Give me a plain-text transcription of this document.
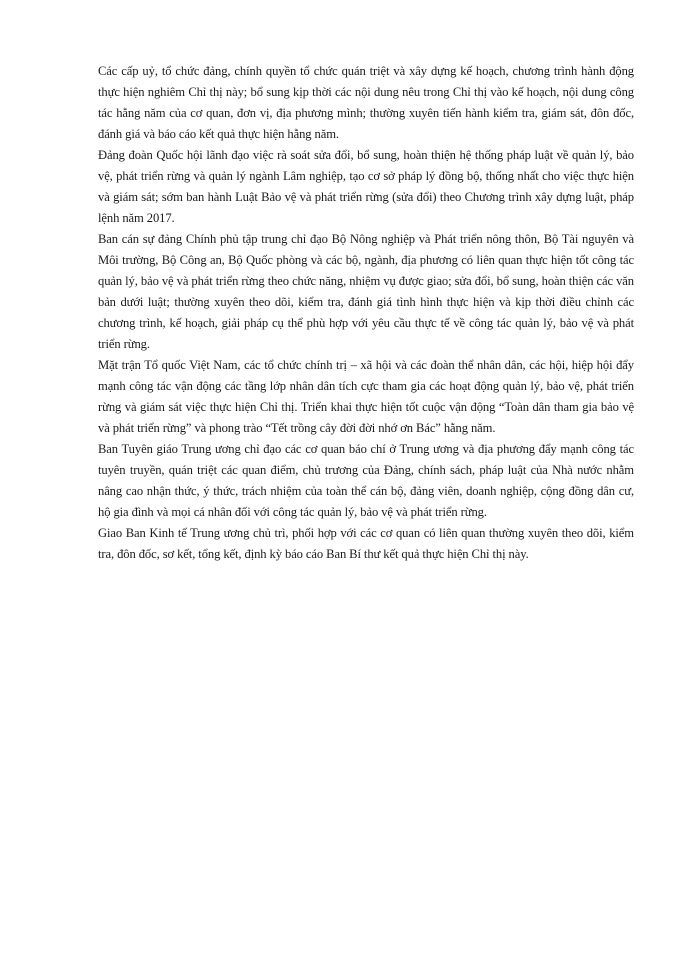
Các cấp uỷ, tổ chức đảng, chính quyền tổ chức quán triệt và xây dựng kế hoạch, chương trình hành động thực hiện nghiêm Chỉ thị này; bổ sung kịp thời các nội dung nêu trong Chỉ thị vào kế hoạch, nội dung công tác hằng năm của cơ quan, đơn vị, địa phương mình; thường xuyên tiến hành kiểm tra, giám sát, đôn đốc, đánh giá và báo cáo kết quả thực hiện hằng năm.

Đảng đoàn Quốc hội lãnh đạo việc rà soát sửa đổi, bổ sung, hoàn thiện hệ thống pháp luật về quản lý, bảo vệ, phát triển rừng và quản lý ngành Lâm nghiệp, tạo cơ sở pháp lý đồng bộ, thống nhất cho việc thực hiện và giám sát; sớm ban hành Luật Bảo vệ và phát triển rừng (sửa đổi) theo Chương trình xây dựng luật, pháp lệnh năm 2017.

Ban cán sự đảng Chính phủ tập trung chỉ đạo Bộ Nông nghiệp và Phát triển nông thôn, Bộ Tài nguyên và Môi trường, Bộ Công an, Bộ Quốc phòng và các bộ, ngành, địa phương có liên quan thực hiện tốt công tác quản lý, bảo vệ và phát triển rừng theo chức năng, nhiệm vụ được giao; sửa đổi, bổ sung, hoàn thiện các văn bản dưới luật; thường xuyên theo dõi, kiểm tra, đánh giá tình hình thực hiện và kịp thời điều chỉnh các chương trình, kế hoạch, giải pháp cụ thể phù hợp với yêu cầu thực tế về công tác quản lý, bảo vệ và phát triển rừng.

Mặt trận Tổ quốc Việt Nam, các tổ chức chính trị – xã hội và các đoàn thể nhân dân, các hội, hiệp hội đẩy mạnh công tác vận động các tầng lớp nhân dân tích cực tham gia các hoạt động quản lý, bảo vệ, phát triển rừng và giám sát việc thực hiện Chỉ thị. Triển khai thực hiện tốt cuộc vận động “Toàn dân tham gia bảo vệ và phát triển rừng” và phong trào “Tết trồng cây đời đời nhớ ơn Bác” hằng năm.

Ban Tuyên giáo Trung ương chỉ đạo các cơ quan báo chí ở Trung ương và địa phương đẩy mạnh công tác tuyên truyền, quán triệt các quan điểm, chủ trương của Đảng, chính sách, pháp luật của Nhà nước nhằm nâng cao nhận thức, ý thức, trách nhiệm của toàn thể cán bộ, đảng viên, doanh nghiệp, cộng đồng dân cư, hộ gia đình và mọi cá nhân đối với công tác quản lý, bảo vệ và phát triển rừng.

Giao Ban Kinh tế Trung ương chủ trì, phối hợp với các cơ quan có liên quan thường xuyên theo dõi, kiểm tra, đôn đốc, sơ kết, tổng kết, định kỳ báo cáo Ban Bí thư kết quả thực hiện Chỉ thị này.
